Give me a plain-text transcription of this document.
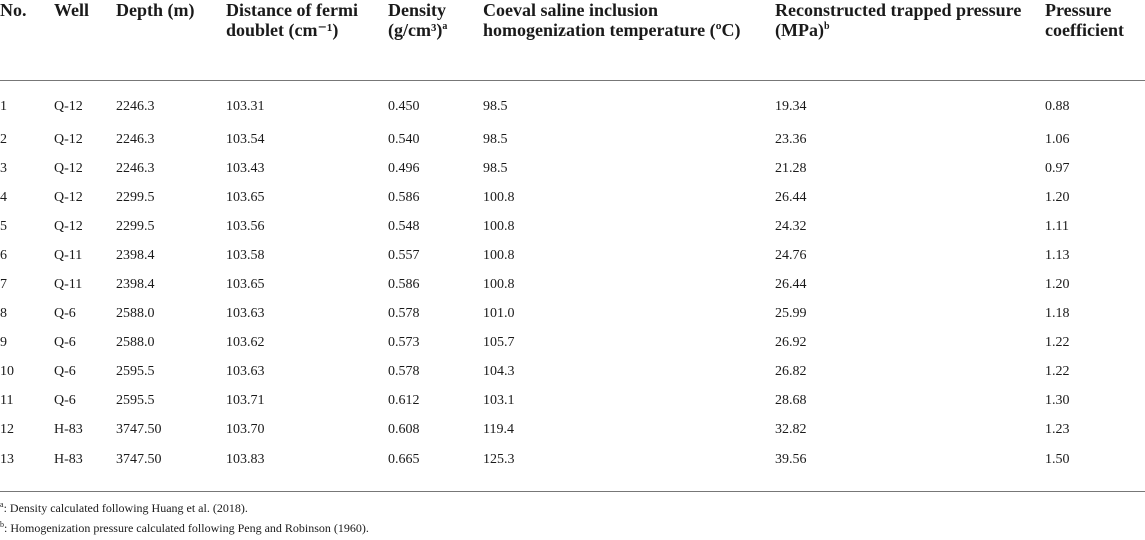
No.	Well	Depth (m)	Distance of fermi doublet (cm⁻¹)	Density $(g/cm^3)^a$	Coeval saline inclusion homogenization temperature (ºC)	Reconstructed trapped pressure (MPa)$^b$	Pressure coefficient

1	Q-12	2246.3	103.31	0.450	98.5	19.34	0.88
2	Q-12	2246.3	103.54	0.540	98.5	23.36	1.06
3	Q-12	2246.3	103.43	0.496	98.5	21.28	0.97
4	Q-12	2299.5	103.65	0.586	100.8	26.44	1.20
5	Q-12	2299.5	103.56	0.548	100.8	24.32	1.11
6	Q-11	2398.4	103.58	0.557	100.8	24.76	1.13
7	Q-11	2398.4	103.65	0.586	100.8	26.44	1.20
8	Q-6	2588.0	103.63	0.578	101.0	25.99	1.18
9	Q-6	2588.0	103.62	0.573	105.7	26.92	1.22
10	Q-6	2595.5	103.63	0.578	104.3	26.82	1.22
11	Q-6	2595.5	103.71	0.612	103.1	28.68	1.30
12	H-83	3747.50	103.70	0.608	119.4	32.82	1.23
13	H-83	3747.50	103.83	0.665	125.3	39.56	1.50
$^a$: Density calculated following Huang et al. (2018).
$^b$: Homogenization pressure calculated following Peng and Robinson (1960).
